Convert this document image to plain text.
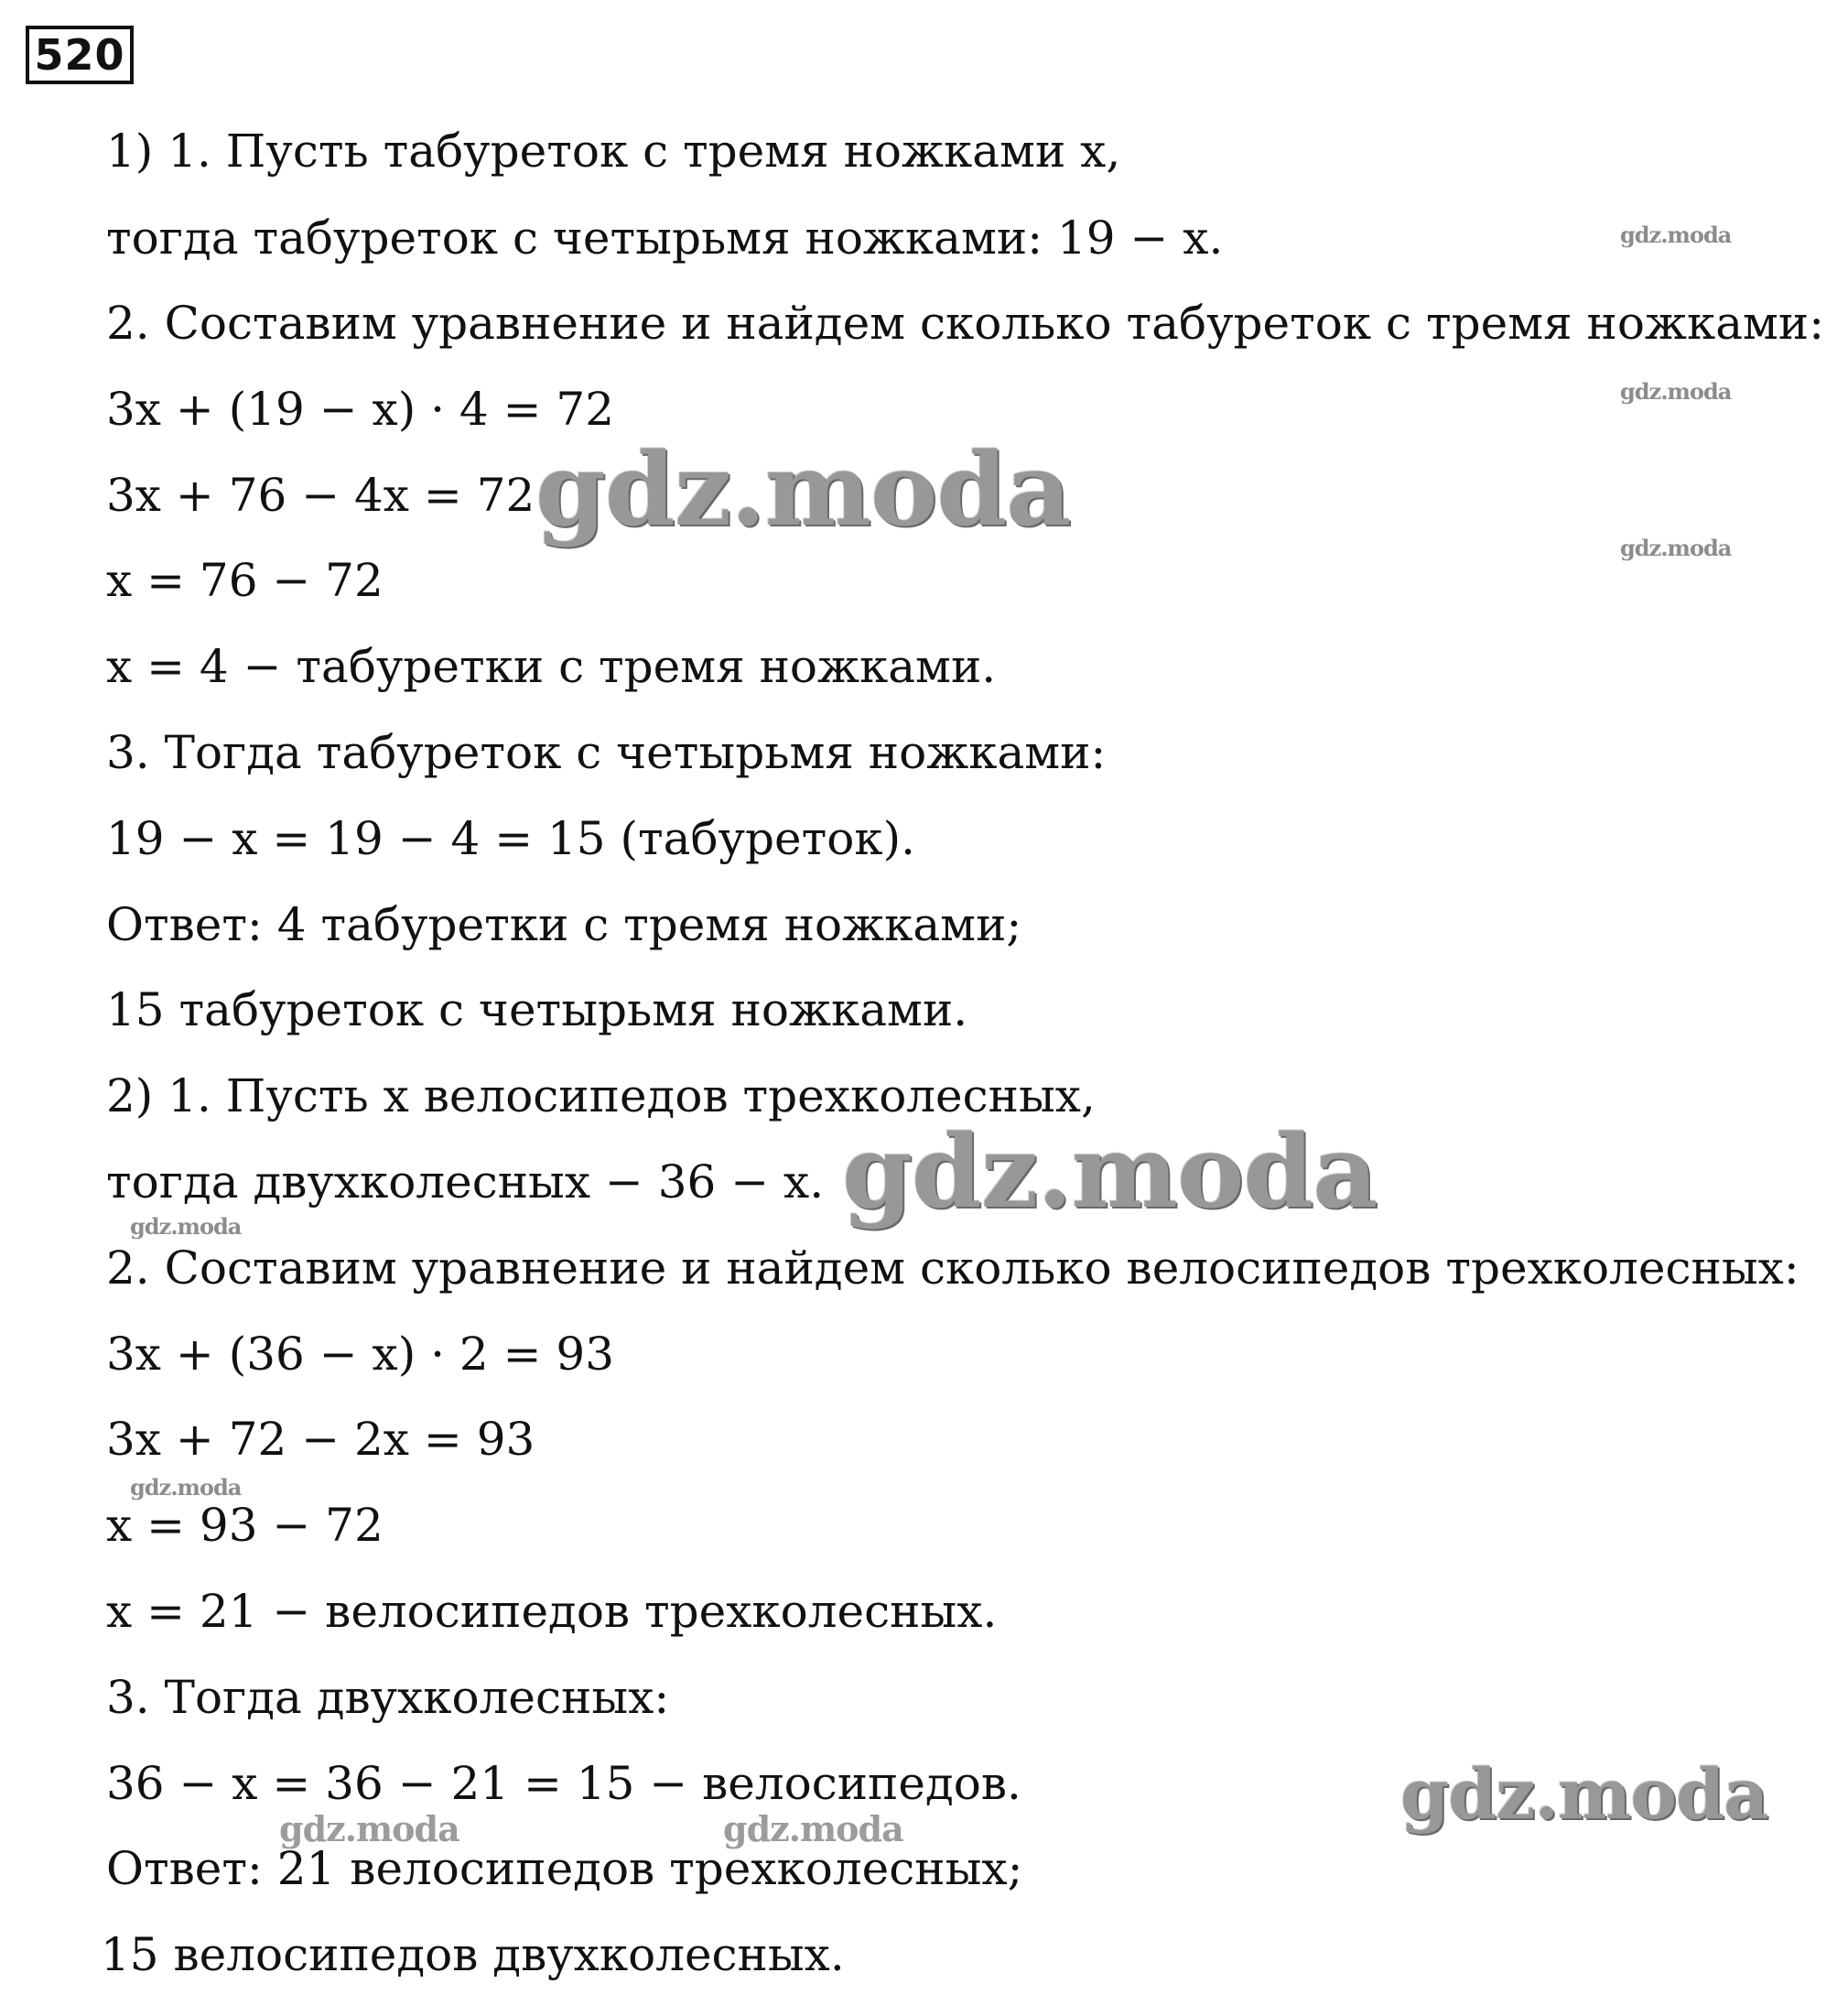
520
1) 1. Пусть табуреток с тремя ножками x,
тогда табуреток с четырьмя ножками: 19 − x.
2. Составим уравнение и найдем сколько табуреток с тремя ножками:
3x + (19 − x) · 4 = 72
3x + 76 − 4x = 72
x = 76 − 72
x = 4 − табуретки с тремя ножками.
3. Тогда табуреток с четырьмя ножками:
19 − x = 19 − 4 = 15 (табуреток).
Ответ: 4 табуретки с тремя ножками;
15 табуреток с четырьмя ножками.
2) 1. Пусть x велосипедов трехколесных,
тогда двухколесных − 36 − x.
2. Составим уравнение и найдем сколько велосипедов трехколесных:
3x + (36 − x) · 2 = 93
3x + 72 − 2x = 93
x = 93 − 72
x = 21 − велосипедов трехколесных.
3. Тогда двухколесных:
36 − x = 36 − 21 = 15 − велосипедов.
Ответ: 21 велосипедов трехколесных;
15 велосипедов двухколесных.
gdz.moda
gdz.moda
gdz.moda
gdz.moda
gdz.moda
gdz.moda
gdz.moda
gdz.moda	gdz.moda	gdz.moda
